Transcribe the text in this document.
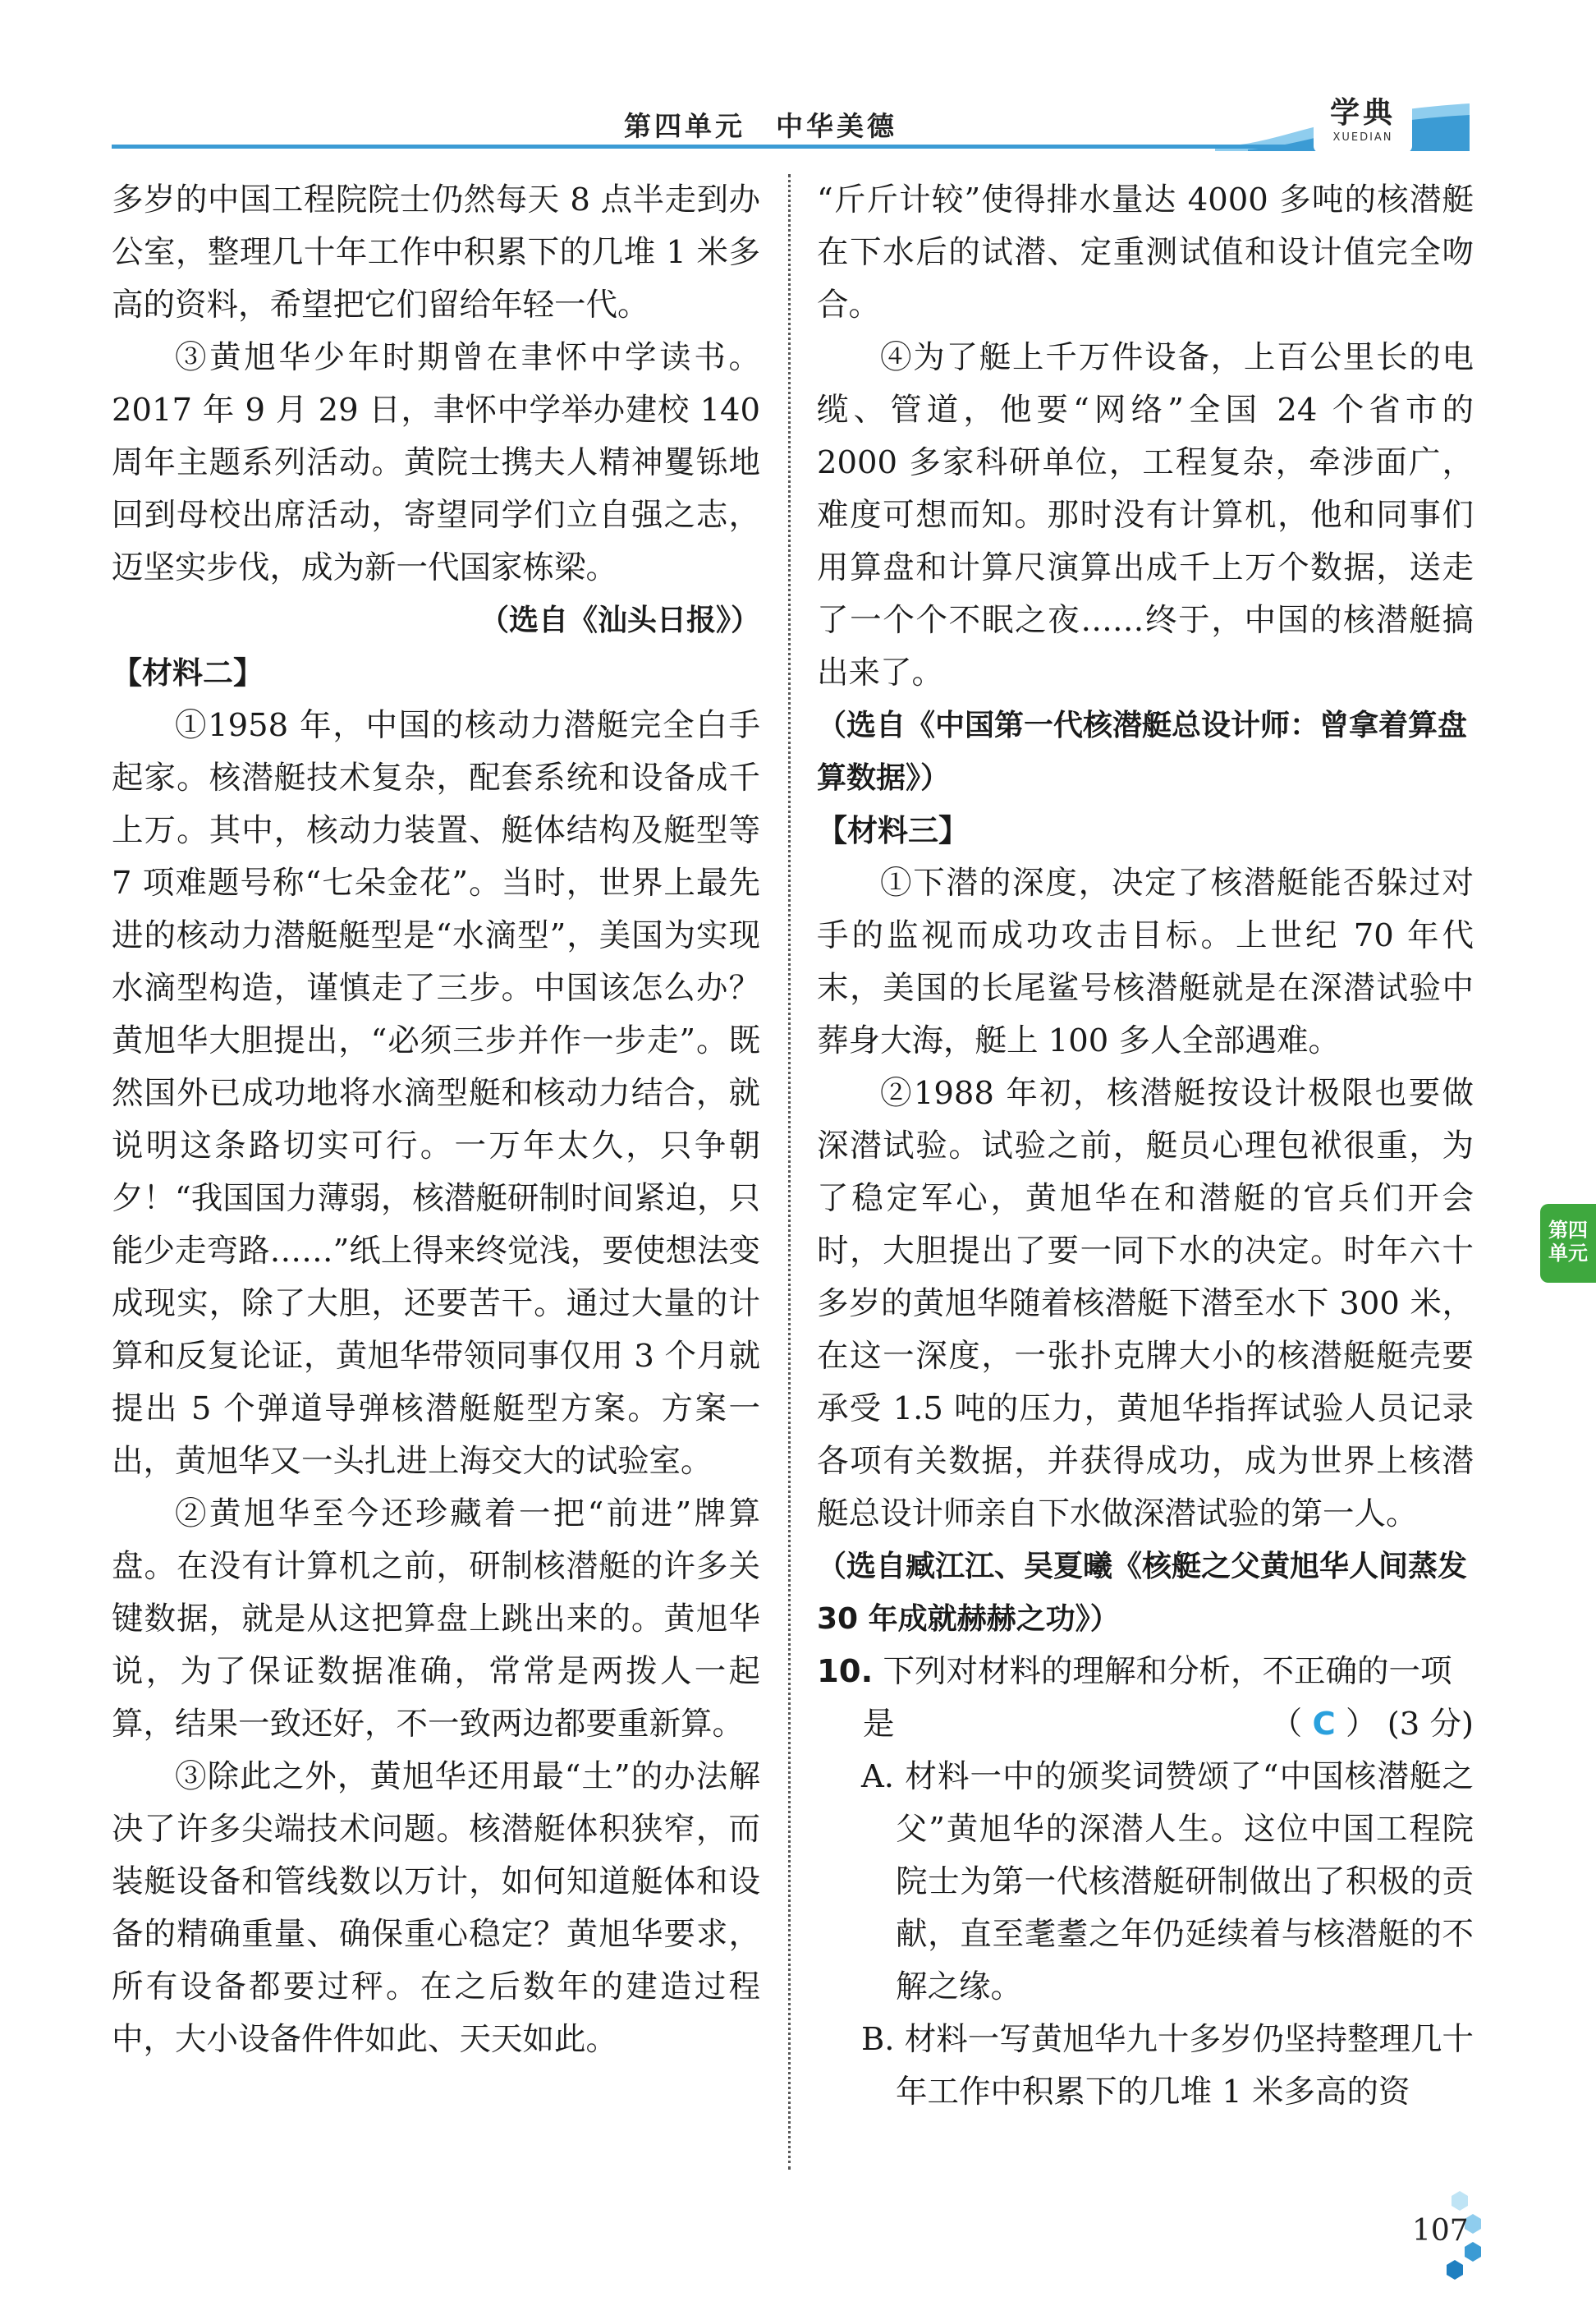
第四单元　中华美德	学典
XUEDIAN

多岁的中国工程院院士仍然每天 8 点半走到办公室，整理几十年工作中积累下的几堆 1 米多高的资料，希望把它们留给年轻一代。

③黄旭华少年时期曾在聿怀中学读书。2017 年 9 月 29 日，聿怀中学举办建校 140 周年主题系列活动。黄院士携夫人精神矍铄地回到母校出席活动，寄望同学们立自强之志，迈坚实步伐，成为新一代国家栋梁。

（选自《汕头日报》）

【材料二】

①1958 年，中国的核动力潜艇完全白手起家。核潜艇技术复杂，配套系统和设备成千上万。其中，核动力装置、艇体结构及艇型等 7 项难题号称“七朵金花”。当时，世界上最先进的核动力潜艇艇型是“水滴型”，美国为实现水滴型构造，谨慎走了三步。中国该怎么办？黄旭华大胆提出，“必须三步并作一步走”。既然国外已成功地将水滴型艇和核动力结合，就说明这条路切实可行。一万年太久，只争朝夕！“我国国力薄弱，核潜艇研制时间紧迫，只能少走弯路……”纸上得来终觉浅，要使想法变成现实，除了大胆，还要苦干。通过大量的计算和反复论证，黄旭华带领同事仅用 3 个月就提出 5 个弹道导弹核潜艇艇型方案。方案一出，黄旭华又一头扎进上海交大的试验室。

②黄旭华至今还珍藏着一把“前进”牌算盘。在没有计算机之前，研制核潜艇的许多关键数据，就是从这把算盘上跳出来的。黄旭华说，为了保证数据准确，常常是两拨人一起算，结果一致还好，不一致两边都要重新算。

③除此之外，黄旭华还用最“土”的办法解决了许多尖端技术问题。核潜艇体积狭窄，而装艇设备和管线数以万计，如何知道艇体和设备的精确重量、确保重心稳定？黄旭华要求，所有设备都要过秤。在之后数年的建造过程中，大小设备件件如此、天天如此。

“斤斤计较”使得排水量达 4000 多吨的核潜艇在下水后的试潜、定重测试值和设计值完全吻合。

④为了艇上千万件设备，上百公里长的电缆、管道，他要“网络”全国 24 个省市的 2000 多家科研单位，工程复杂，牵涉面广，难度可想而知。那时没有计算机，他和同事们用算盘和计算尺演算出成千上万个数据，送走了一个个不眠之夜……终于，中国的核潜艇搞出来了。

（选自《中国第一代核潜艇总设计师：曾拿着算盘算数据》）

【材料三】

①下潜的深度，决定了核潜艇能否躲过对手的监视而成功攻击目标。上世纪 70 年代末，美国的长尾鲨号核潜艇就是在深潜试验中葬身大海，艇上 100 多人全部遇难。

②1988 年初，核潜艇按设计极限也要做深潜试验。试验之前，艇员心理包袱很重，为了稳定军心，黄旭华在和潜艇的官兵们开会时，大胆提出了要一同下水的决定。时年六十多岁的黄旭华随着核潜艇下潜至水下 300 米，在这一深度，一张扑克牌大小的核潜艇艇壳要承受 1.5 吨的压力，黄旭华指挥试验人员记录各项有关数据，并获得成功，成为世界上核潜艇总设计师亲自下水做深潜试验的第一人。

（选自臧江江、吴夏曦《核艇之父黄旭华人间蒸发 30 年成就赫赫之功》）

10. 下列对材料的理解和分析，不正确的一项

是	（ C ） (3 分)

A. 材料一中的颁奖词赞颂了“中国核潜艇之父”黄旭华的深潜人生。这位中国工程院院士为第一代核潜艇研制做出了积极的贡献，直至耄耋之年仍延续着与核潜艇的不解之缘。

B. 材料一写黄旭华九十多岁仍坚持整理几十年工作中积累下的几堆 1 米多高的资

第四
单元
107
